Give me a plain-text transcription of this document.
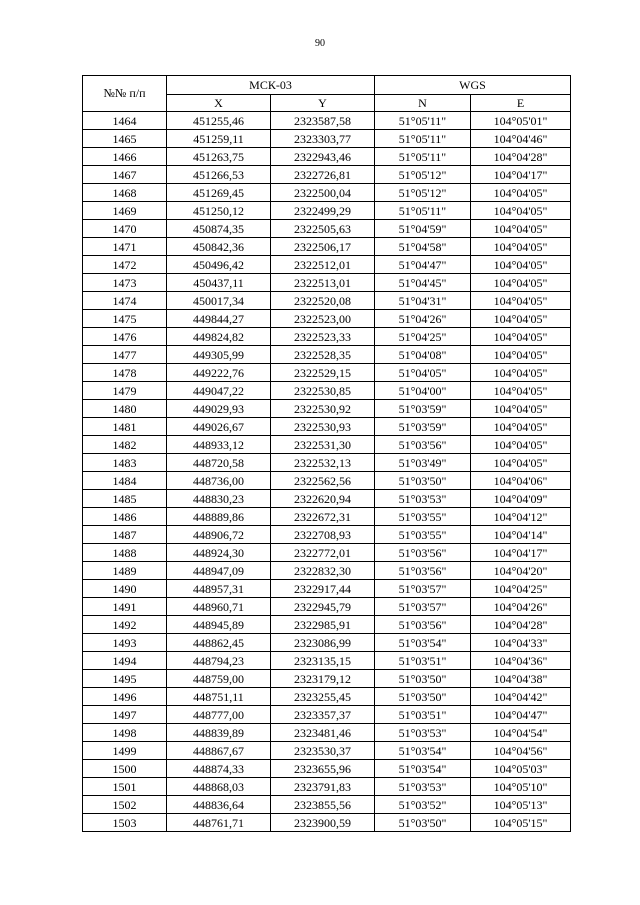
90
№№ п/п	МСК-03		WGS	
	X	Y	N	E
1464	451255,46	2323587,58	51°05'11"	104°05'01"
1465	451259,11	2323303,77	51°05'11"	104°04'46"
1466	451263,75	2322943,46	51°05'11"	104°04'28"
1467	451266,53	2322726,81	51°05'12"	104°04'17"
1468	451269,45	2322500,04	51°05'12"	104°04'05"
1469	451250,12	2322499,29	51°05'11"	104°04'05"
1470	450874,35	2322505,63	51°04'59"	104°04'05"
1471	450842,36	2322506,17	51°04'58"	104°04'05"
1472	450496,42	2322512,01	51°04'47"	104°04'05"
1473	450437,11	2322513,01	51°04'45"	104°04'05"
1474	450017,34	2322520,08	51°04'31"	104°04'05"
1475	449844,27	2322523,00	51°04'26"	104°04'05"
1476	449824,82	2322523,33	51°04'25"	104°04'05"
1477	449305,99	2322528,35	51°04'08"	104°04'05"
1478	449222,76	2322529,15	51°04'05"	104°04'05"
1479	449047,22	2322530,85	51°04'00"	104°04'05"
1480	449029,93	2322530,92	51°03'59"	104°04'05"
1481	449026,67	2322530,93	51°03'59"	104°04'05"
1482	448933,12	2322531,30	51°03'56"	104°04'05"
1483	448720,58	2322532,13	51°03'49"	104°04'05"
1484	448736,00	2322562,56	51°03'50"	104°04'06"
1485	448830,23	2322620,94	51°03'53"	104°04'09"
1486	448889,86	2322672,31	51°03'55"	104°04'12"
1487	448906,72	2322708,93	51°03'55"	104°04'14"
1488	448924,30	2322772,01	51°03'56"	104°04'17"
1489	448947,09	2322832,30	51°03'56"	104°04'20"
1490	448957,31	2322917,44	51°03'57"	104°04'25"
1491	448960,71	2322945,79	51°03'57"	104°04'26"
1492	448945,89	2322985,91	51°03'56"	104°04'28"
1493	448862,45	2323086,99	51°03'54"	104°04'33"
1494	448794,23	2323135,15	51°03'51"	104°04'36"
1495	448759,00	2323179,12	51°03'50"	104°04'38"
1496	448751,11	2323255,45	51°03'50"	104°04'42"
1497	448777,00	2323357,37	51°03'51"	104°04'47"
1498	448839,89	2323481,46	51°03'53"	104°04'54"
1499	448867,67	2323530,37	51°03'54"	104°04'56"
1500	448874,33	2323655,96	51°03'54"	104°05'03"
1501	448868,03	2323791,83	51°03'53"	104°05'10"
1502	448836,64	2323855,56	51°03'52"	104°05'13"
1503	448761,71	2323900,59	51°03'50"	104°05'15"
